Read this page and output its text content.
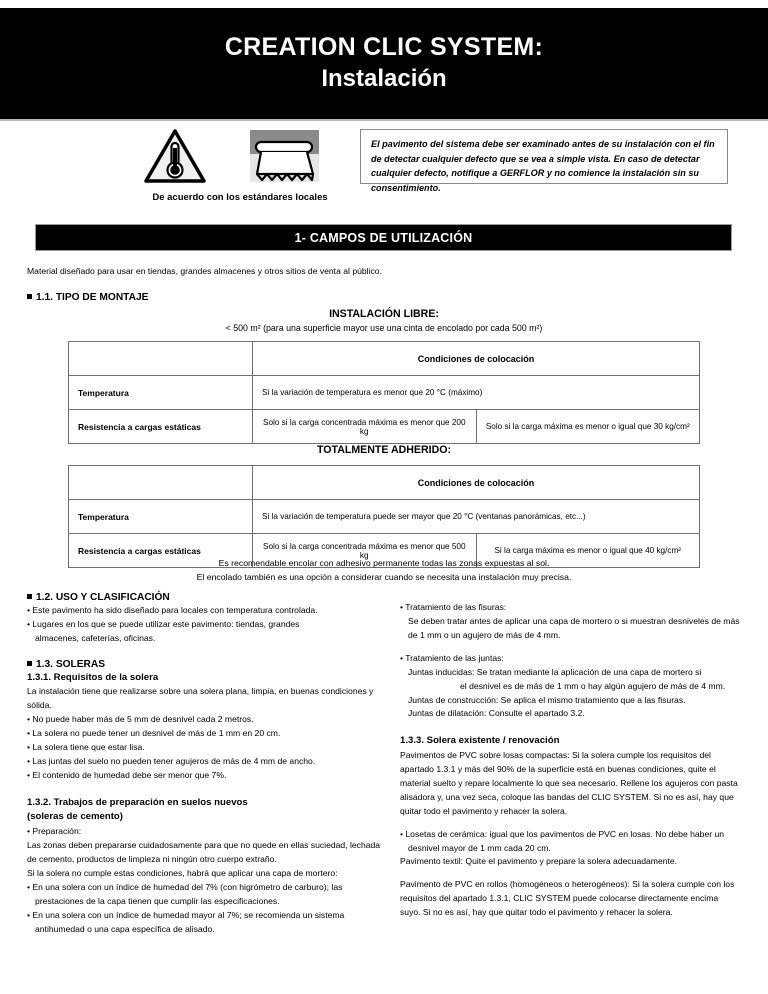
CREATION CLIC SYSTEM:
Instalación
De acuerdo con los estándares locales

El pavimento del sistema debe ser examinado antes de su instalación con el fin de detectar cualquier defecto que se vea a simple vista. En caso de detectar cualquier defecto, notifique a GERFLOR y no comience la instalación sin su consentimiento.

1- CAMPOS DE UTILIZACIÓN
Material diseñado para usar en tiendas, grandes almacenes y otros sitios de venta al público.
1.1. TIPO DE MONTAJE
INSTALACIÓN LIBRE:
< 500 m² (para una superficie mayor use una cinta de encolado por cada 500 m²)
	Condiciones de colocación	
Temperatura	Si la variación de temperatura es menor que 20 °C (máximo)	
Resistencia a cargas estáticas	Solo si la carga concentrada máxima es menor que 200 kg	Solo si la carga máxima es menor o igual que 30 kg/cm²
TOTALMENTE ADHERIDO:
	Condiciones de colocación	
Temperatura	Si la variación de temperatura puede ser mayor que 20 °C (ventanas panorámicas, etc...)	
Resistencia a cargas estáticas	Solo si la carga concentrada máxima es menor que 500 kg	Si la carga máxima es menor o igual que 40 kg/cm²
Es recomendable encolar con adhesivo permanente todas las zonas expuestas al sol.
El encolado también es una opción a considerar cuando se necesita una instalación muy precisa.
1.2. USO Y CLASIFICACIÓN

• Este pavimento ha sido diseñado para locales con temperatura controlada.

• Lugares en los que se puede utilizar este pavimento: tiendas, grandes

almacenes, cafeterías, oficinas.

1.3. SOLERAS
1.3.1. Requisitos de la solera

La instalación tiene que realizarse sobre una solera plana, limpia, en buenas condiciones y sólida.

• No puede haber más de 5 mm de desnivel cada 2 metros.

• La solera no puede tener un desnivel de más de 1 mm en 20 cm.

• La solera tiene que estar lisa.

• Las juntas del suelo no pueden tener agujeros de más de 4 mm de ancho.

• El contenido de humedad debe ser menor que 7%.

1.3.2. Trabajos de preparación en suelos nuevos
(soleras de cemento)

• Preparación:

Las zonas deben prepararse cuidadosamente para que no quede en ellas suciedad, lechada de cemento, productos de limpieza ni ningún otro cuerpo extraño.

Si la solera no cumple estas condiciones, habrá que aplicar una capa de mortero:

• En una solera con un índice de humedad del 7% (con higrómetro de carburo); las prestaciones de la capa tienen que cumplir las especificaciones.

• En una solera con un índice de humedad mayor al 7%; se recomienda un sistema antihumedad o una capa específica de alisado.

• Tratamiento de las fisuras:

Se deben tratar antes de aplicar una capa de mortero o si muestran desniveles de más de 1 mm o un agujero de más de 4 mm.

• Tratamiento de las juntas:

Juntas inducidas: Se tratan mediante la aplicación de una capa de mortero si

el desnivel es de más de 1 mm o hay algún agujero de más de 4 mm.

Juntas de construcción: Se aplica el mismo tratamiento que a las fisuras.

Juntas de dilatación: Consulte el apartado 3.2.

1.3.3. Solera existente / renovación

Pavimentos de PVC sobre losas compactas: Si la solera cumple los requisitos del apartado 1.3.1 y más del 90% de la superficie está en buenas condiciones, quite el material suelto y repare localmente lo que sea necesario. Rellene los agujeros con pasta alisadora y, una vez seca, coloque las bandas del CLIC SYSTEM. Si no es así, hay que quitar todo el pavimento y rehacer la solera.

• Losetas de cerámica: igual que los pavimentos de PVC en losas. No debe haber un desnivel mayor de 1 mm cada 20 cm.

Pavimento textil: Quite el pavimento y prepare la solera adecuadamente.

Pavimento de PVC en rollos (homogéneos o heterogéneos): Si la solera cumple con los requisitos del apartado 1.3.1, CLIC SYSTEM puede colocarse directamente encima suyo. Si no es así, hay que quitar todo el pavimento y rehacer la solera.
